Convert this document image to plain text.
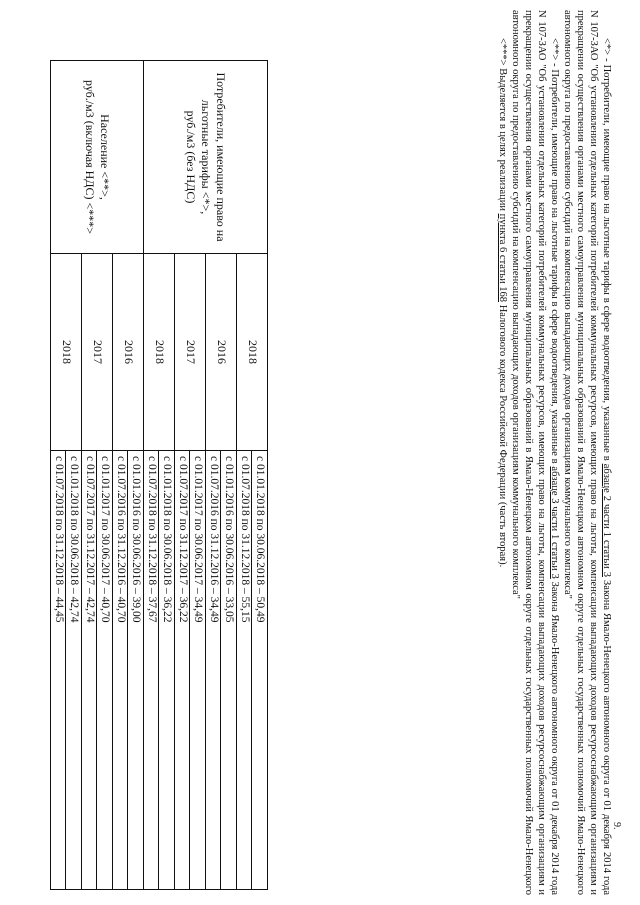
9.
Потребители, имеющие право на льготные тарифы <*>,
руб./м3 (без НДС)	2018	с 01.01.2018 по 30.06.2018 – 50,49
		с 01.07.2018 по 31.12.2018 – 55,15
	2016	с 01.01.2016 по 30.06.2016 – 33,05
		с 01.07.2016 по 31.12.2016 – 34,49
	2017	с 01.01.2017 по 30.06.2017 – 34,49
		с 01.07.2017 по 31.12.2017 – 36,22
	2018	с 01.01.2018 по 30.06.2018 – 36,22
		с 01.07.2018 по 31.12.2018 – 37,67

Население <**>,
руб./м3 (включая НДС) <***>	2016	с 01.01.2016 по 30.06.2016 – 39,00
		с 01.07.2016 по 31.12.2016 – 40,70
	2017	с 01.01.2017 по 30.06.2017 – 40,70
		с 01.07.2017 по 31.12.2017 – 42,74
	2018	с 01.01.2018 по 30.06.2018 – 42,74
		с 01.07.2018 по 31.12.2018 – 44,45

<*> - Потребители, имеющие право на льготные тарифы в сфере водоотведения, указанные в абзаце 2 части 1 статьи 3 Закона Ямало-Ненецкого автономного округа от 01 декабря 2014 года N 107-ЗАО "Об установлении отдельных категорий потребителей коммунальных ресурсов, имеющих право на льготы, компенсации выпадающих доходов ресурсоснабжающим организациям и прекращении осуществления органами местного самоуправления муниципальных образований в Ямало-Ненецком автономном округе отдельных государственных полномочий Ямало-Ненецкого автономного округа по предоставлению субсидий на компенсацию выпадающих доходов организациям коммунального комплекса"

<**> - Потребители, имеющие право на льготные тарифы в сфере водоотведения, указанные в абзаце 3 части 1 статьи 3 Закона Ямало-Ненецкого автономного округа от 01 декабря 2014 года N 107-ЗАО "Об установлении отдельных категорий потребителей коммунальных ресурсов, имеющих право на льготы, компенсации выпадающих доходов ресурсоснабжающим организациям и прекращении осуществления органами местного самоуправления муниципальных образований в Ямало-Ненецком автономном округе отдельных государственных полномочий Ямало-Ненецкого автономного округа по предоставлению субсидий на компенсацию выпадающих доходов организациям коммунального комплекса"

<***> Выделяется в целях реализации пункта 6 статьи 168 Налогового кодекса Российской Федерации (часть вторая).
